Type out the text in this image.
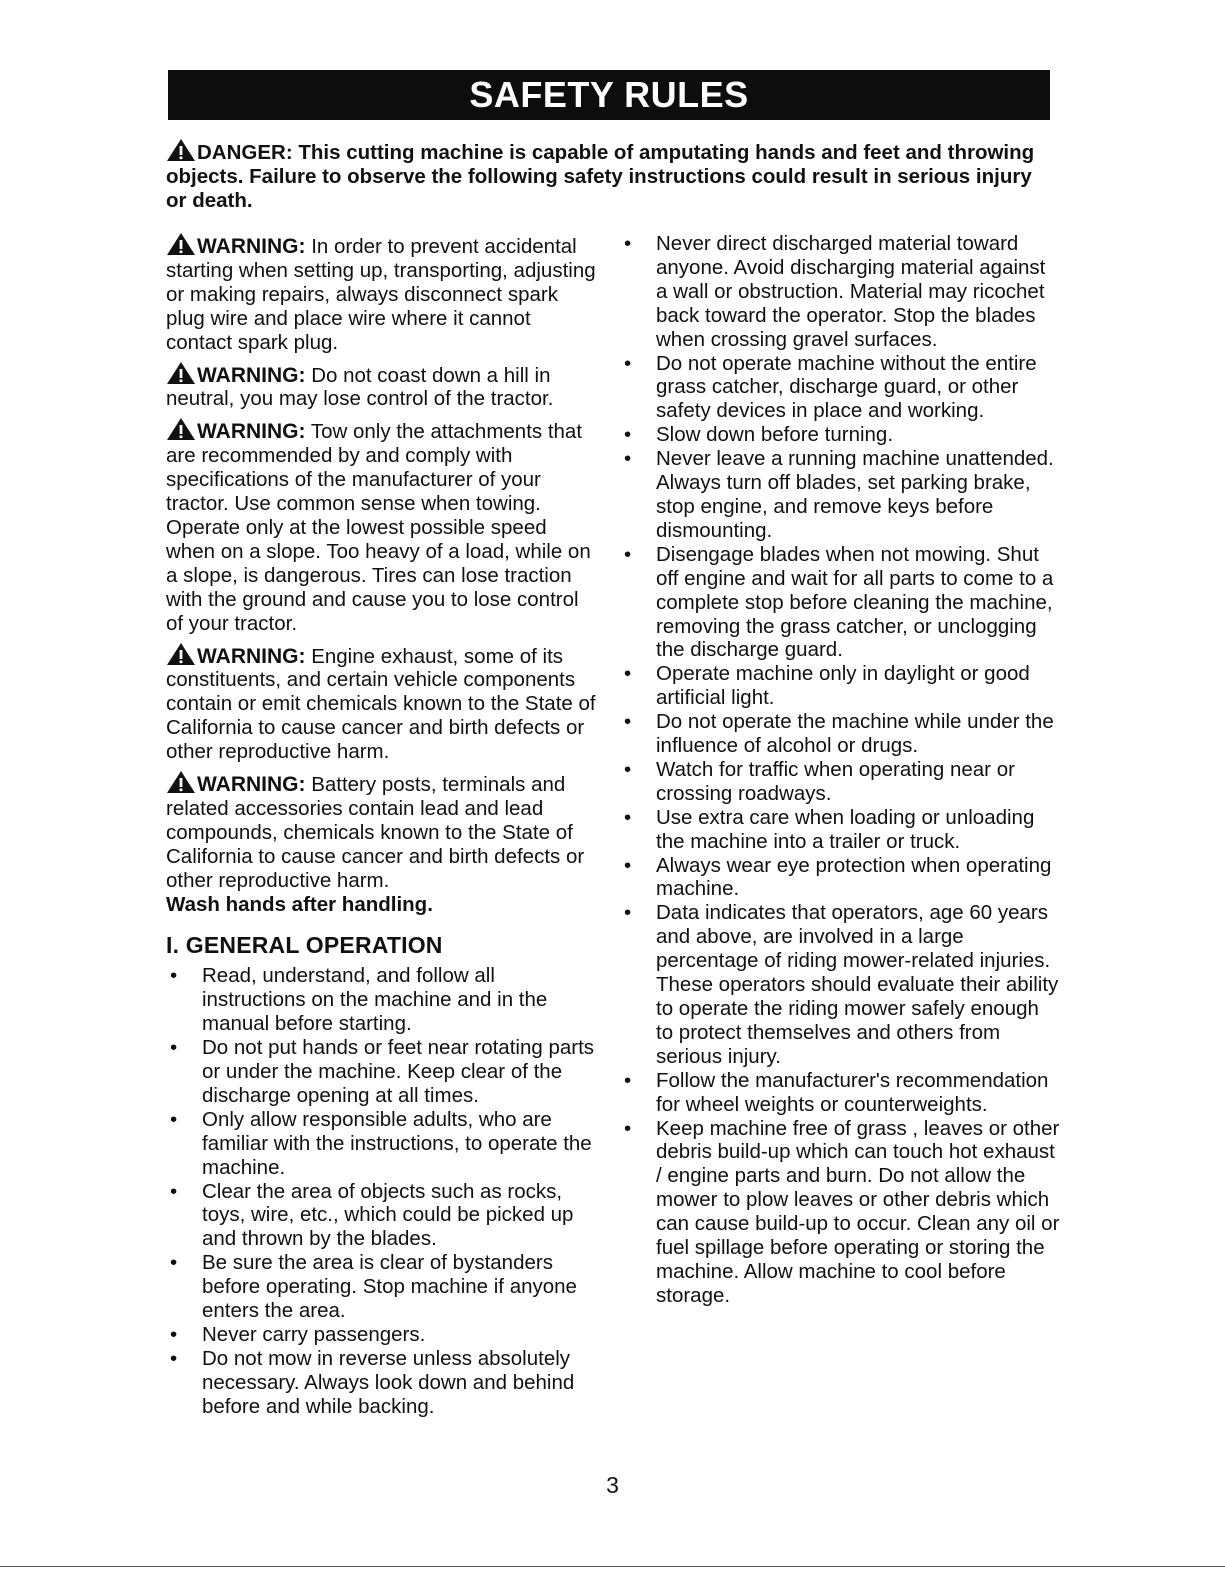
SAFETY RULES
DANGER: This cutting machine is capable of amputating hands and feet and throwing objects. Failure to observe the following safety instructions could result in serious injury or death.

WARNING: In order to prevent accidental starting when setting up, transporting, adjusting or making repairs, always disconnect spark plug wire and place wire where it cannot contact spark plug.

WARNING: Do not coast down a hill in neutral, you may lose control of the tractor.

WARNING: Tow only the attachments that are recommended by and comply with specifications of the manufacturer of your tractor. Use common sense when towing. Operate only at the lowest possible speed when on a slope. Too heavy of a load, while on a slope, is dangerous. Tires can lose traction with the ground and cause you to lose control of your tractor.

WARNING: Engine exhaust, some of its constituents, and certain vehicle components contain or emit chemicals known to the State of California to cause cancer and birth defects or other reproductive harm.

WARNING: Battery posts, terminals and related accessories contain lead and lead compounds, chemicals known to the State of California to cause cancer and birth defects or other reproductive harm.
Wash hands after handling.

I. GENERAL OPERATION
• Read, understand, and follow all instructions on the machine and in the manual before starting.
• Do not put hands or feet near rotating parts or under the machine. Keep clear of the discharge opening at all times.
• Only allow responsible adults, who are familiar with the instructions, to operate the machine.
• Clear the area of objects such as rocks, toys, wire, etc., which could be picked up and thrown by the blades.
• Be sure the area is clear of bystanders before operating. Stop machine if anyone enters the area.
• Never carry passengers.
• Do not mow in reverse unless absolutely necessary. Always look down and behind before and while backing.
• Never direct discharged material toward anyone. Avoid discharging material against a wall or obstruction. Material may ricochet back toward the operator. Stop the blades when crossing gravel surfaces.
• Do not operate machine without the entire grass catcher, discharge guard, or other safety devices in place and working.
• Slow down before turning.
• Never leave a running machine unattended. Always turn off blades, set parking brake, stop engine, and remove keys before dismounting.
• Disengage blades when not mowing. Shut off engine and wait for all parts to come to a complete stop before cleaning the machine, removing the grass catcher, or unclogging the discharge guard.
• Operate machine only in daylight or good artificial light.
• Do not operate the machine while under the influence of alcohol or drugs.
• Watch for traffic when operating near or crossing roadways.
• Use extra care when loading or unloading the machine into a trailer or truck.
• Always wear eye protection when operating machine.
• Data indicates that operators, age 60 years and above, are involved in a large percentage of riding mower-related injuries. These operators should evaluate their ability to operate the riding mower safely enough to protect themselves and others from serious injury.
• Follow the manufacturer's recommendation for wheel weights or counterweights.
• Keep machine free of grass , leaves or other debris build-up which can touch hot exhaust / engine parts and burn. Do not allow the mower to plow leaves or other debris which can cause build-up to occur. Clean any oil or fuel spillage before operating or storing the machine. Allow machine to cool before storage.
3
